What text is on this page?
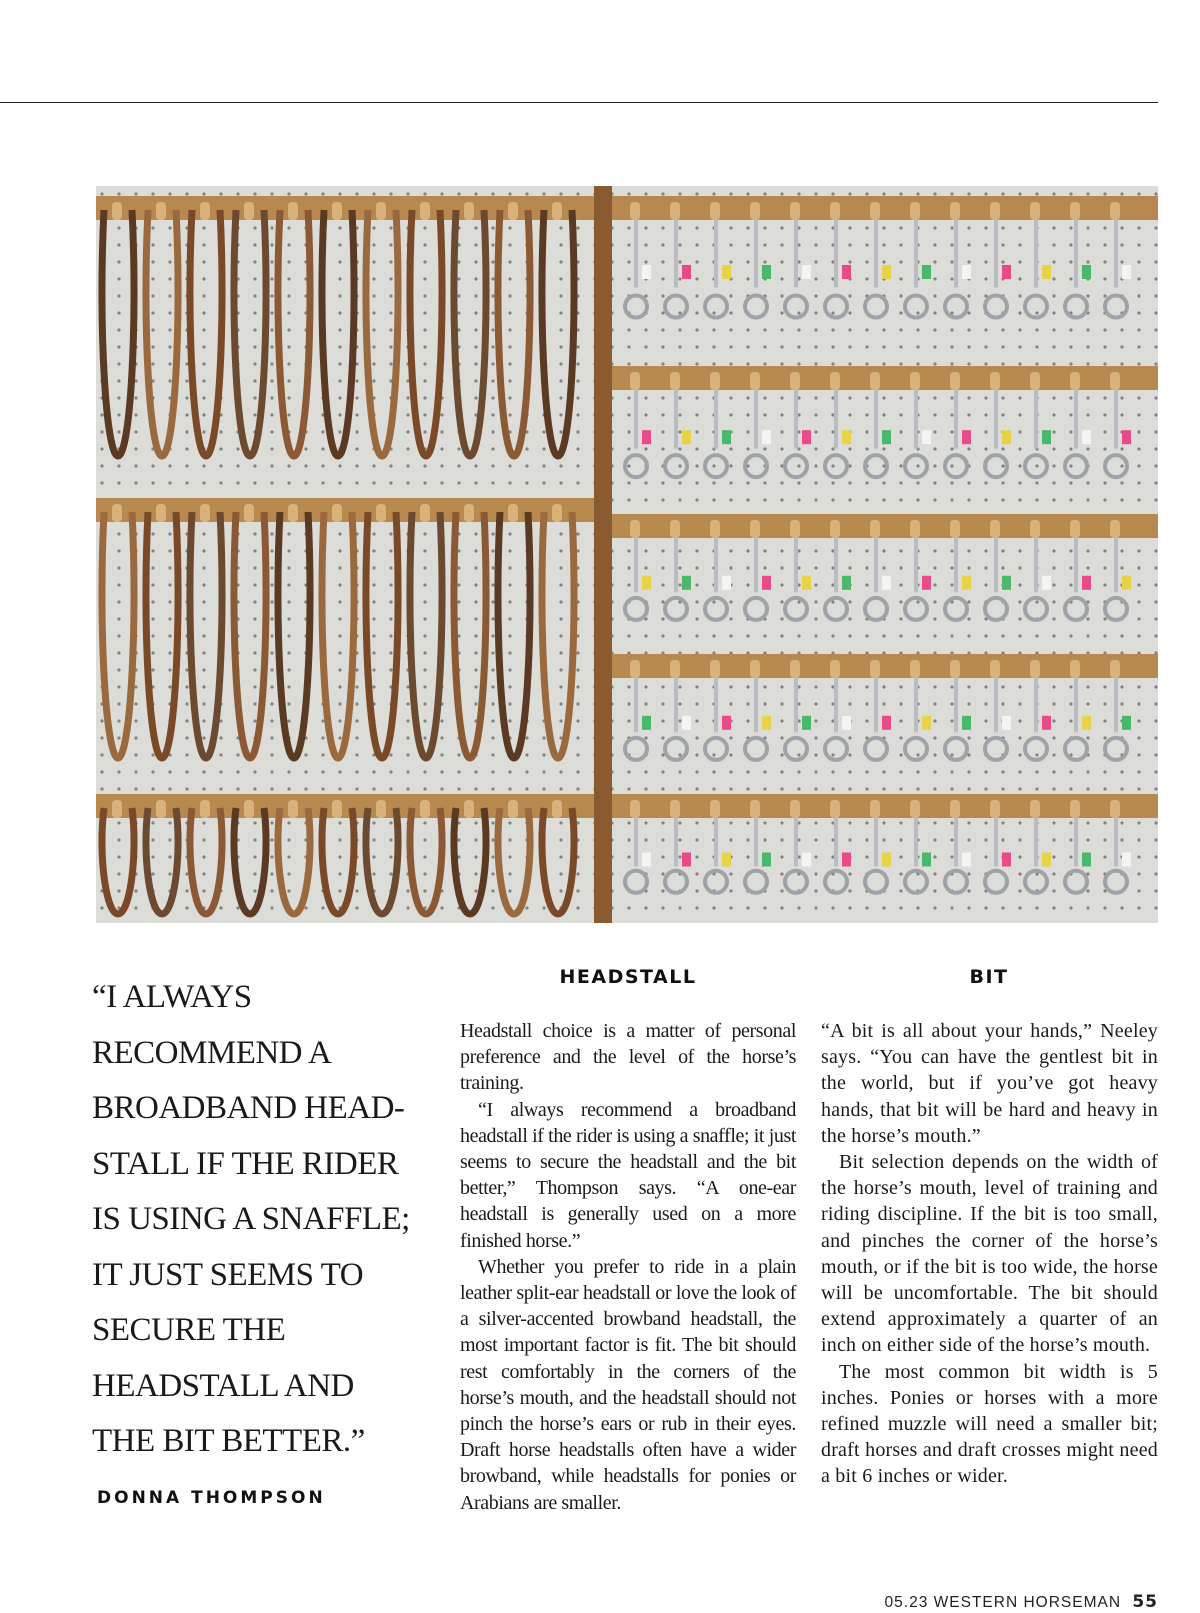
“I ALWAYS
RECOMMEND A
BROADBAND HEAD-
STALL IF THE RIDER
IS USING A SNAFFLE;
IT JUST SEEMS TO
SECURE THE
HEADSTALL AND
THE BIT BETTER.”

DONNA THOMPSON

HEADSTALL

Headstall choice is a matter of personal preference and the level of the horse’s training.

“I always recommend a broadband headstall if the rider is using a snaffle; it just seems to secure the headstall and the bit better,” Thompson says. “A one-ear headstall is generally used on a more finished horse.”

Whether you prefer to ride in a plain leather split-ear headstall or love the look of a silver-accented browband headstall, the most important factor is fit. The bit should rest comfortably in the corners of the horse’s mouth, and the headstall should not pinch the horse’s ears or rub in their eyes. Draft horse headstalls often have a wider browband, while headstalls for ponies or Arabians are smaller.

BIT

“A bit is all about your hands,” Neeley says. “You can have the gentlest bit in the world, but if you’ve got heavy hands, that bit will be hard and heavy in the horse’s mouth.”

Bit selection depends on the width of the horse’s mouth, level of training and riding discipline. If the bit is too small, and pinches the corner of the horse’s mouth, or if the bit is too wide, the horse will be uncomfortable. The bit should extend approximately a quarter of an inch on either side of the horse’s mouth.

The most common bit width is 5 inches. Ponies or horses with a more refined muzzle will need a smaller bit; draft horses and draft crosses might need a bit 6 inches or wider.

05.23 WESTERN HORSEMAN 55
